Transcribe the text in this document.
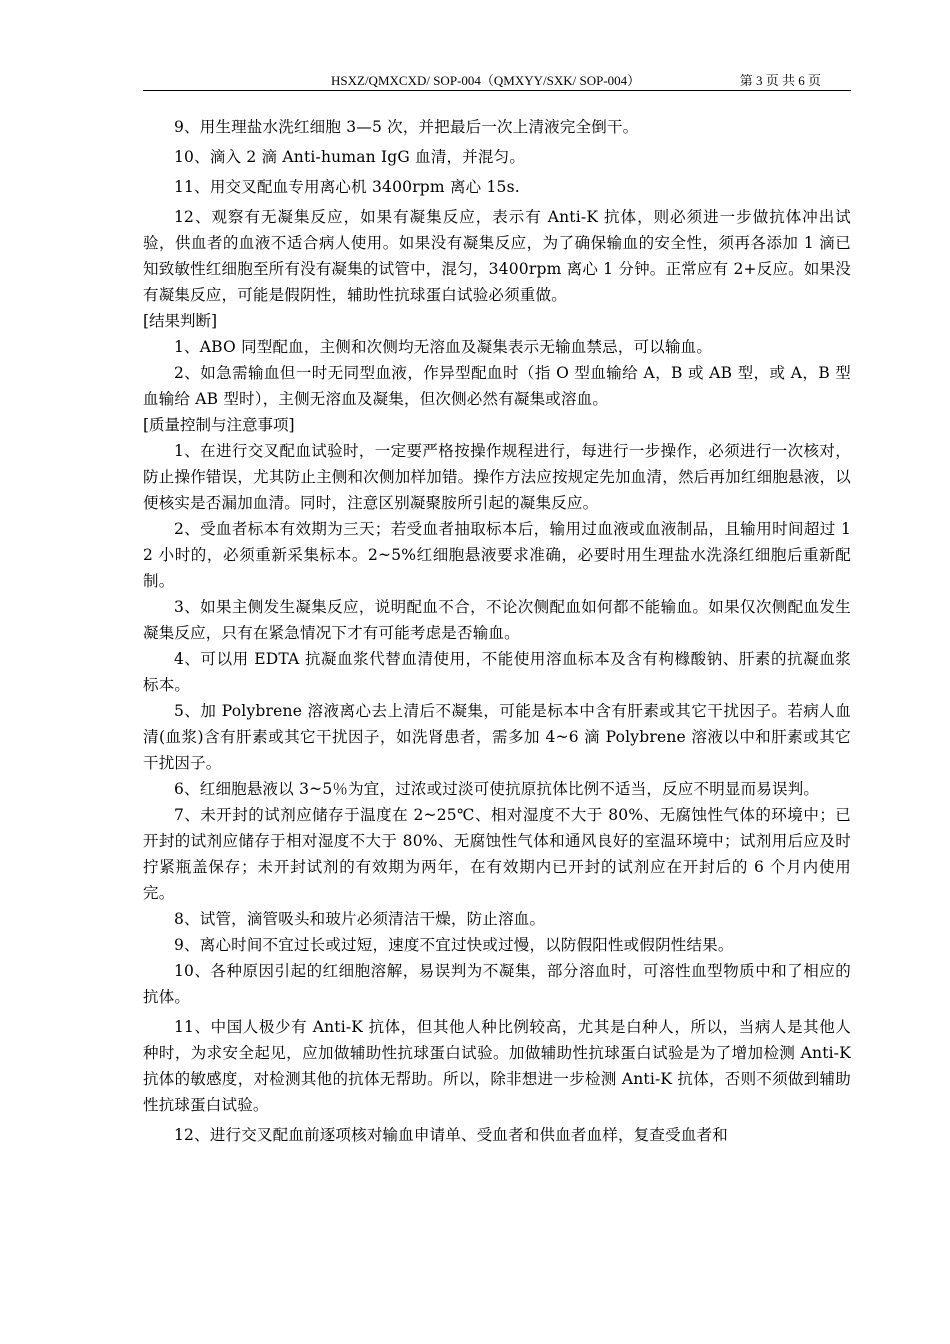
HSXZ/QMXCXD/ SOP-004（QMXYY/SXK/ SOP-004）	第 3 页 共 6 页

9、用生理盐水洗红细胞 3—5 次，并把最后一次上清液完全倒干。

10、滴入 2 滴 Anti-human IgG 血清，并混匀。

11、用交叉配血专用离心机 3400rpm 离心 15s.

12、观察有无凝集反应，如果有凝集反应，表示有 Anti-K 抗体，则必须进一步做抗体冲出试验，供血者的血液不适合病人使用。如果没有凝集反应，为了确保输血的安全性，须再各添加 1 滴已知致敏性红细胞至所有没有凝集的试管中，混匀，3400rpm 离心 1 分钟。正常应有 2+反应。如果没有凝集反应，可能是假阴性，辅助性抗球蛋白试验必须重做。

[结果判断]

1、ABO 同型配血，主侧和次侧均无溶血及凝集表示无输血禁忌，可以输血。

2、如急需输血但一时无同型血液，作异型配血时（指 O 型血输给 A，B 或 AB 型，或 A，B 型血输给 AB 型时），主侧无溶血及凝集，但次侧必然有凝集或溶血。

[质量控制与注意事项]

1、在进行交叉配血试验时，一定要严格按操作规程进行，每进行一步操作，必须进行一次核对，防止操作错误，尤其防止主侧和次侧加样加错。操作方法应按规定先加血清，然后再加红细胞悬液，以便核实是否漏加血清。同时，注意区别凝聚胺所引起的凝集反应。

2、受血者标本有效期为三天；若受血者抽取标本后，输用过血液或血液制品，且输用时间超过 12 小时的，必须重新采集标本。2~5%红细胞悬液要求准确，必要时用生理盐水洗涤红细胞后重新配制。

3、如果主侧发生凝集反应，说明配血不合，不论次侧配血如何都不能输血。如果仅次侧配血发生凝集反应，只有在紧急情况下才有可能考虑是否输血。

4、可以用 EDTA 抗凝血浆代替血清使用，不能使用溶血标本及含有枸橼酸钠、肝素的抗凝血浆标本。

5、加 Polybrene 溶液离心去上清后不凝集，可能是标本中含有肝素或其它干扰因子。若病人血清(血浆)含有肝素或其它干扰因子，如洗肾患者，需多加 4~6 滴 Polybrene 溶液以中和肝素或其它干扰因子。

6、红细胞悬液以 3~5％为宜，过浓或过淡可使抗原抗体比例不适当，反应不明显而易误判。

7、未开封的试剂应储存于温度在 2~25℃、相对湿度不大于 80%、无腐蚀性气体的环境中；已开封的试剂应储存于相对湿度不大于 80%、无腐蚀性气体和通风良好的室温环境中；试剂用后应及时拧紧瓶盖保存；未开封试剂的有效期为两年，在有效期内已开封的试剂应在开封后的 6 个月内使用完。

8、试管，滴管吸头和玻片必须清洁干燥，防止溶血。

9、离心时间不宜过长或过短，速度不宜过快或过慢，以防假阳性或假阴性结果。

10、各种原因引起的红细胞溶解，易误判为不凝集，部分溶血时，可溶性血型物质中和了相应的抗体。

11、中国人极少有 Anti-K 抗体，但其他人种比例较高，尤其是白种人，所以，当病人是其他人种时，为求安全起见，应加做辅助性抗球蛋白试验。加做辅助性抗球蛋白试验是为了增加检测 Anti-K 抗体的敏感度，对检测其他的抗体无帮助。所以，除非想进一步检测 Anti-K 抗体，否则不须做到辅助性抗球蛋白试验。

12、进行交叉配血前逐项核对输血申请单、受血者和供血者血样，复查受血者和
